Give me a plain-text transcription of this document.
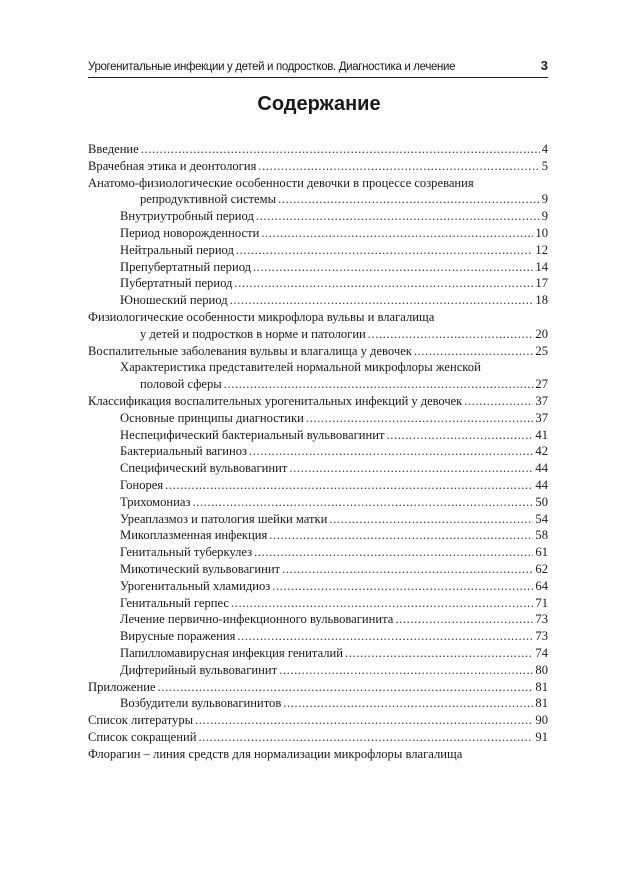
Урогенитальные инфекции у детей и подростков. Диагностика и лечение	3
Содержание
Введение .....	4
Врачебная этика и деонтология .....	5
Анатомо-физиологические особенности девочки в процессе созревания
репродуктивной системы .....	9
Внутриутробный период .....	9
Период новорожденности .....	10
Нейтральный период .....	12
Препубертатный период .....	14
Пубертатный период .....	17
Юношеский период .....	18
Физиологические особенности микрофлора вульвы и влагалища
у детей и подростков в норме и патологии .....	20
Воспалительные заболевания вульвы и влагалища у девочек .....	25
Характеристика представителей нормальной микрофлоры женской
половой сферы .....	27
Классификация воспалительных урогенитальных инфекций у девочек .....	37
Основные принципы диагностики .....	37
Неспецифический бактериальный вульвовагинит .....	41
Бактериальный вагиноз .....	42
Специфический вульвовагинит .....	44
Гонорея .....	44
Трихомониаз .....	50
Уреаплазмоз и патология шейки матки .....	54
Микоплазменная инфекция .....	58
Генитальный туберкулез .....	61
Микотический вульвовагинит .....	62
Урогенитальный хламидиоз .....	64
Генитальный герпес .....	71
Лечение первично-инфекционного вульвовагинита .....	73
Вирусные поражения .....	73
Папилломавирусная инфекция гениталий .....	74
Дифтерийный вульвовагинит .....	80
Приложение .....	81
Возбудители вульвовагинитов .....	81
Список литературы .....	90
Список сокращений .....	91
Флорагин – линия средств для нормализации микрофлоры влагалища
